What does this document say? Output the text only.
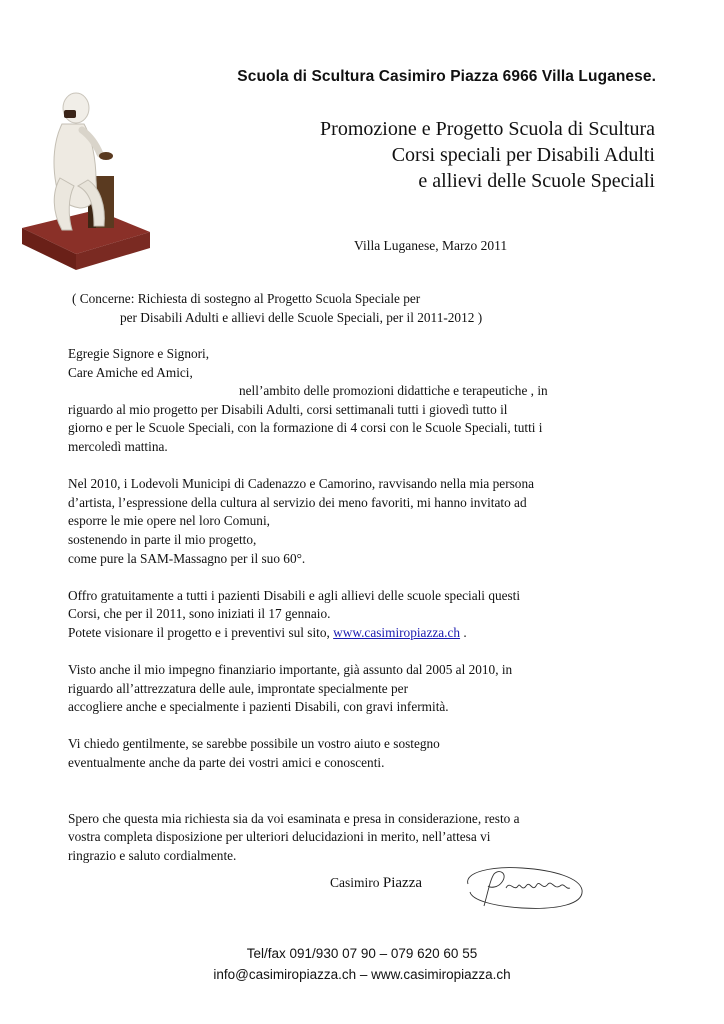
Scuola di Scultura Casimiro Piazza 6966 Villa Luganese.
Promozione e Progetto Scuola di Scultura
Corsi speciali per Disabili Adulti
e allievi delle Scuole Speciali
Villa Luganese, Marzo 2011
( Concerne: Richiesta di sostegno al Progetto Scuola Speciale per
per Disabili Adulti e allievi delle Scuole Speciali, per il 2011-2012 )
Egregie Signore e Signori,
Care Amiche ed Amici,
nell’ambito delle promozioni didattiche e terapeutiche , in
riguardo al mio progetto per Disabili Adulti, corsi settimanali tutti i giovedì tutto il
giorno e per le Scuole Speciali, con la formazione di 4 corsi con le Scuole Speciali, tutti i
mercoledì mattina.
Nel 2010, i Lodevoli Municipi di Cadenazzo e Camorino, ravvisando nella mia persona
d’artista, l’espressione della cultura al servizio dei meno favoriti, mi hanno invitato ad
esporre le mie opere nel loro Comuni,
sostenendo in parte il mio progetto,
come pure la SAM-Massagno per il suo 60°.
Offro gratuitamente a tutti i pazienti Disabili e agli allievi delle scuole speciali questi
Corsi, che per il 2011, sono iniziati il 17 gennaio.
Potete visionare il progetto e i preventivi sul sito, www.casimiropiazza.ch .
Visto anche il mio impegno finanziario importante, già assunto dal 2005 al 2010, in
riguardo all’attrezzatura delle aule, improntate specialmente per
accogliere anche e specialmente i pazienti Disabili, con gravi infermità.
Vi chiedo gentilmente, se sarebbe possibile un vostro aiuto e sostegno
eventualmente anche da parte dei vostri amici e conoscenti.
Spero che questa mia richiesta sia da voi esaminata e presa in considerazione, resto a
vostra completa disposizione per ulteriori delucidazioni in merito, nell’attesa vi
ringrazio e saluto cordialmente.
Casimiro Piazza
Tel/fax 091/930 07 90 – 079 620 60 55
info@casimiropiazza.ch – www.casimiropiazza.ch
